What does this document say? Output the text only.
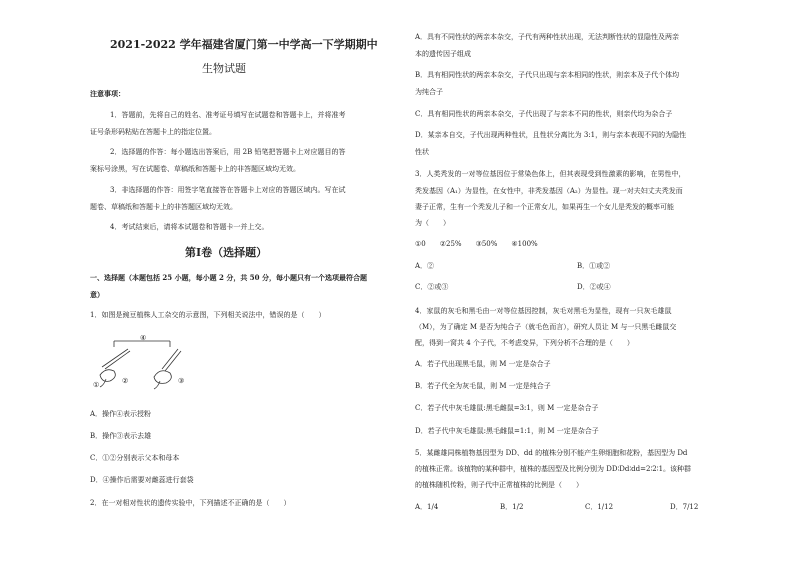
2021-2022 学年福建省厦门第一中学高一下学期期中
生物试题
注意事项：
1．答题前，先将自己的姓名、准考证号填写在试题卷和答题卡上，并将准考
证号条形码粘贴在答题卡上的指定位置。
2．选择题的作答：每小题选出答案后，用 2B 铅笔把答题卡上对应题目的答
案标号涂黑，写在试题卷、草稿纸和答题卡上的非答题区域均无效。
3．非选择题的作答：用签字笔直接答在答题卡上对应的答题区域内。写在试
题卷、草稿纸和答题卡上的非答题区域均无效。
4．考试结束后，请将本试题卷和答题卡一并上交。
第Ⅰ卷（选择题）
一、选择题（本题包括 25 小题，每小题 2 分，共 50 分，每小题只有一个选项最符合题
意）
1．如图是豌豆植株人工杂交的示意图，下列相关说法中，错误的是（　　）
④
①	②	③
A．操作④表示授粉
B．操作③表示去雄
C．①②分别表示父本和母本
D．④操作后需要对雌蕊进行套袋
2．在一对相对性状的遗传实验中，下列描述不正确的是（　　）
A．具有不同性状的两亲本杂交，子代有两种性状出现，无法判断性状的显隐性及两亲
本的遗传因子组成
B．具有相同性状的两亲本杂交，子代只出现与亲本相同的性状，则亲本及子代个体均
为纯合子
C．具有相同性状的两亲本杂交，子代出现了与亲本不同的性状，则亲代均为杂合子
D．某亲本自交，子代出现两种性状，且性状分离比为 3:1，则与亲本表现不同的为隐性
性状
3．人类秃发的一对等位基因位于常染色体上，但其表现受到性激素的影响，在男性中，
秃发基因（A₁）为显性，在女性中，非秃发基因（A₂）为显性。现一对夫妇丈夫秃发而
妻子正常，生有一个秃发儿子和一个正常女儿，如果再生一个女儿是秃发的概率可能
为（　　）
①0　　②25%　　③50%　　④100%
A．②	B．①或②
C．②或③	D．②或④
4．家鼠的灰毛和黑毛由一对等位基因控制，灰毛对黑毛为显性，现有一只灰毛雄鼠
（M），为了确定 M 是否为纯合子（就毛色而言），研究人员让 M 与一只黑毛雌鼠交
配，得到一窝共 4 个子代，不考虑变异，下列分析不合理的是（　　）
A．若子代出现黑毛鼠，则 M 一定是杂合子
B．若子代全为灰毛鼠，则 M 一定是纯合子
C．若子代中灰毛雄鼠:黑毛雌鼠=3:1，则 M 一定是杂合子
D．若子代中灰毛雄鼠:黑毛雌鼠=1:1，则 M 一定是杂合子
5．某雌雄同株植物基因型为 DD、dd 的植株分别不能产生卵细胞和花粉，基因型为 Dd
的植株正常。该植物的某种群中，植株的基因型及比例分别为 DD∶Dd∶dd=2∶2∶1。该种群
的植株随机传粉，则子代中正常植株的比例是（　　）
A．1/4	B．1/2	C．1/12	D．7/12
